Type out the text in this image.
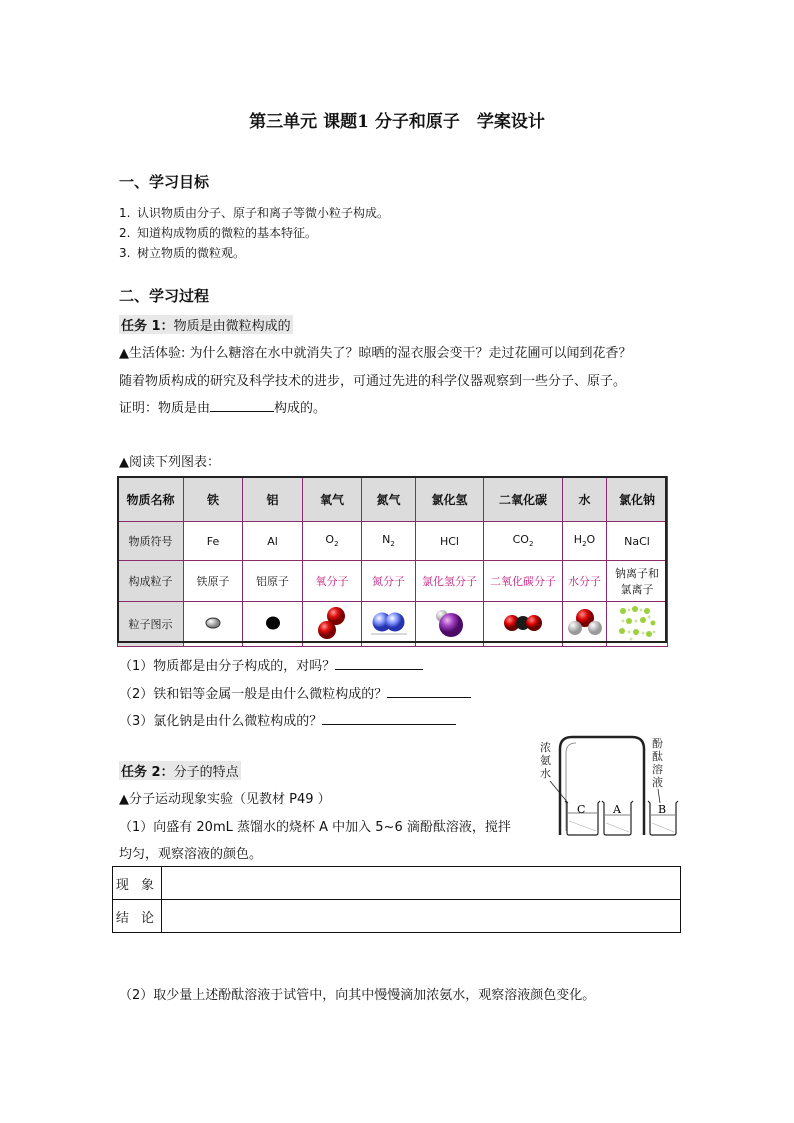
第三单元 课题1 分子和原子　学案设计
一、学习目标
1. 认识物质由分子、原子和离子等微小粒子构成。
2. 知道构成物质的微粒的基本特征。
3. 树立物质的微粒观。
二、学习过程
任务 1：物质是由微粒构成的
▲生活体验: 为什么糖溶在水中就消失了？晾晒的湿衣服会变干？走过花圃可以闻到花香？
随着物质构成的研究及科学技术的进步，可通过先进的科学仪器观察到一些分子、原子。
证明：物质是由	构成的。
▲阅读下列图表：
物质名称	铁	铝	氧气	氮气	氯化氢	二氧化碳	水	氯化钠
物质符号	Fe	Al	$O_2$	$N_2$	HCl	$CO_2$	$H_2O$	NaCl
构成粒子	铁原子	铝原子	氧分子	氮分子	氯化氢分子	二氧化碳分子	水分子	钠离子和
氯离子
粒子图示								
（1）物质都是由分子构成的，对吗？
（2）铁和铝等金属一般是由什么微粒构成的？
（3）氯化钠是由什么微粒构成的？
任务 2：分子的特点
▲分子运动现象实验（见教材 P49 ）
（1）向盛有 20mL 蒸馏水的烧杯 A 中加入 5~6 滴酚酞溶液，搅拌
均匀，观察溶液的颜色。
浓
氨
水
酚
酞
溶
液
C	A	B
现 象	
结 论	
（2）取少量上述酚酞溶液于试管中，向其中慢慢滴加浓氨水，观察溶液颜色变化。
